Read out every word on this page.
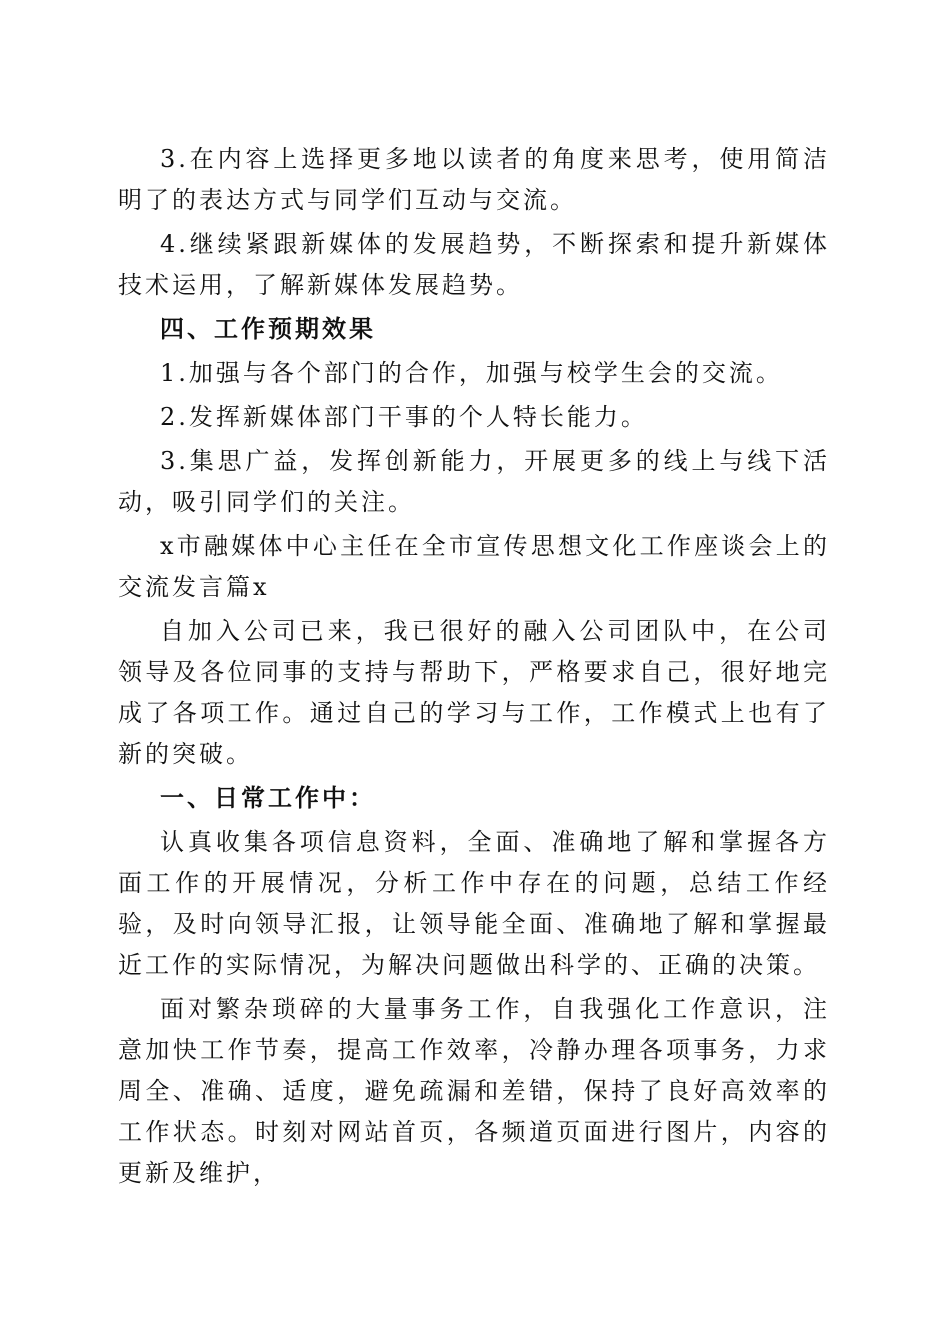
3.在内容上选择更多地以读者的角度来思考，使用简洁明了的表达方式与同学们互动与交流。

4.继续紧跟新媒体的发展趋势，不断探索和提升新媒体技术运用，了解新媒体发展趋势。

四、工作预期效果

1.加强与各个部门的合作，加强与校学生会的交流。

2.发挥新媒体部门干事的个人特长能力。

3.集思广益，发挥创新能力，开展更多的线上与线下活动，吸引同学们的关注。

x市融媒体中心主任在全市宣传思想文化工作座谈会上的交流发言篇x

自加入公司已来，我已很好的融入公司团队中，在公司领导及各位同事的支持与帮助下，严格要求自己，很好地完成了各项工作。通过自己的学习与工作，工作模式上也有了新的突破。

一、日常工作中：

认真收集各项信息资料，全面、准确地了解和掌握各方面工作的开展情况，分析工作中存在的问题，总结工作经验，及时向领导汇报，让领导能全面、准确地了解和掌握最近工作的实际情况，为解决问题做出科学的、正确的决策。

面对繁杂琐碎的大量事务工作，自我强化工作意识，注意加快工作节奏，提高工作效率，冷静办理各项事务，力求周全、准确、适度，避免疏漏和差错，保持了良好高效率的工作状态。时刻对网站首页，各频道页面进行图片，内容的更新及维护，
